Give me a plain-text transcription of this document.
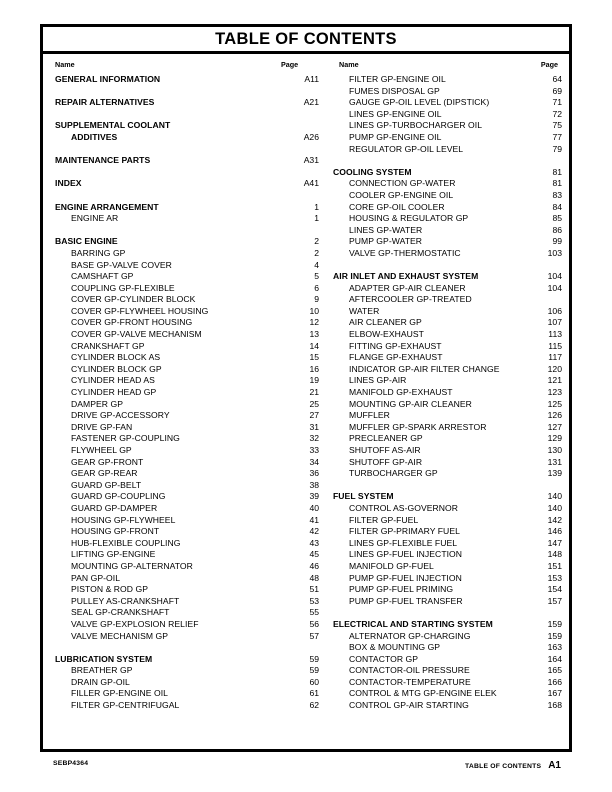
TABLE OF CONTENTS
Name	Page	Name	Page
GENERAL INFORMATION . . .	A11
REPAIR ALTERNATIVES . . .	A21
SUPPLEMENTAL COOLANT
ADDITIVES . . .	A26
MAINTENANCE PARTS . . .	A31
INDEX . . .	A41
ENGINE ARRANGEMENT . . .	1
ENGINE AR . . .	1
BASIC ENGINE . . .	2
BARRING GP . . .	2
BASE GP-VALVE COVER . . .	4
CAMSHAFT GP . . .	5
COUPLING GP-FLEXIBLE . . .	6
COVER GP-CYLINDER BLOCK . . .	9
COVER GP-FLYWHEEL HOUSING . . .	10
COVER GP-FRONT HOUSING . . .	12
COVER GP-VALVE MECHANISM . . .	13
CRANKSHAFT GP . . .	14
CYLINDER BLOCK AS . . .	15
CYLINDER BLOCK GP . . .	16
CYLINDER HEAD AS . . .	19
CYLINDER HEAD GP . . .	21
DAMPER GP . . .	25
DRIVE GP-ACCESSORY . . .	27
DRIVE GP-FAN . . .	31
FASTENER GP-COUPLING . . .	32
FLYWHEEL GP . . .	33
GEAR GP-FRONT . . .	34
GEAR GP-REAR . . .	36
GUARD GP-BELT . . .	38
GUARD GP-COUPLING . . .	39
GUARD GP-DAMPER . . .	40
HOUSING GP-FLYWHEEL . . .	41
HOUSING GP-FRONT . . .	42
HUB-FLEXIBLE COUPLING . . .	43
LIFTING GP-ENGINE . . .	45
MOUNTING GP-ALTERNATOR . . .	46
PAN GP-OIL . . .	48
PISTON & ROD GP . . .	51
PULLEY AS-CRANKSHAFT . . .	53
SEAL GP-CRANKSHAFT . . .	55
VALVE GP-EXPLOSION RELIEF . . .	56
VALVE MECHANISM GP . . .	57
LUBRICATION SYSTEM . . .	59
BREATHER GP . . .	59
DRAIN GP-OIL . . .	60
FILLER GP-ENGINE OIL . . .	61
FILTER GP-CENTRIFUGAL . . .	62
FILTER GP-ENGINE OIL . . .	64
FUMES DISPOSAL GP . . .	69
GAUGE GP-OIL LEVEL (DIPSTICK) . . .	71
LINES GP-ENGINE OIL . . .	72
LINES GP-TURBOCHARGER OIL . . .	75
PUMP GP-ENGINE OIL . . .	77
REGULATOR GP-OIL LEVEL . . .	79
COOLING SYSTEM . . .	81
CONNECTION GP-WATER . . .	81
COOLER GP-ENGINE OIL . . .	83
CORE GP-OIL COOLER . . .	84
HOUSING & REGULATOR GP . . .	85
LINES GP-WATER . . .	86
PUMP GP-WATER . . .	99
VALVE GP-THERMOSTATIC . . .	103
AIR INLET AND EXHAUST SYSTEM . . .	104
ADAPTER GP-AIR CLEANER . . .	104
AFTERCOOLER GP-TREATED
WATER . . .	106
AIR CLEANER GP . . .	107
ELBOW-EXHAUST . . .	113
FITTING GP-EXHAUST . . .	115
FLANGE GP-EXHAUST . . .	117
INDICATOR GP-AIR FILTER CHANGE . . .	120
LINES GP-AIR . . .	121
MANIFOLD GP-EXHAUST . . .	123
MOUNTING GP-AIR CLEANER . . .	125
MUFFLER . . .	126
MUFFLER GP-SPARK ARRESTOR . . .	127
PRECLEANER GP . . .	129
SHUTOFF AS-AIR . . .	130
SHUTOFF GP-AIR . . .	131
TURBOCHARGER GP . . .	139
FUEL SYSTEM . . .	140
CONTROL AS-GOVERNOR . . .	140
FILTER GP-FUEL . . .	142
FILTER GP-PRIMARY FUEL . . .	146
LINES GP-FLEXIBLE FUEL . . .	147
LINES GP-FUEL INJECTION . . .	148
MANIFOLD GP-FUEL . . .	151
PUMP GP-FUEL INJECTION . . .	153
PUMP GP-FUEL PRIMING . . .	154
PUMP GP-FUEL TRANSFER . . .	157
ELECTRICAL AND STARTING SYSTEM . . .	159
ALTERNATOR GP-CHARGING . . .	159
BOX & MOUNTING GP . . .	163
CONTACTOR GP . . .	164
CONTACTOR-OIL PRESSURE . . .	165
CONTACTOR-TEMPERATURE . . .	166
CONTROL & MTG GP-ENGINE ELEK . . .	167
CONTROL GP-AIR STARTING . . .	168
SEBP4364	TABLE OF CONTENTS A1
